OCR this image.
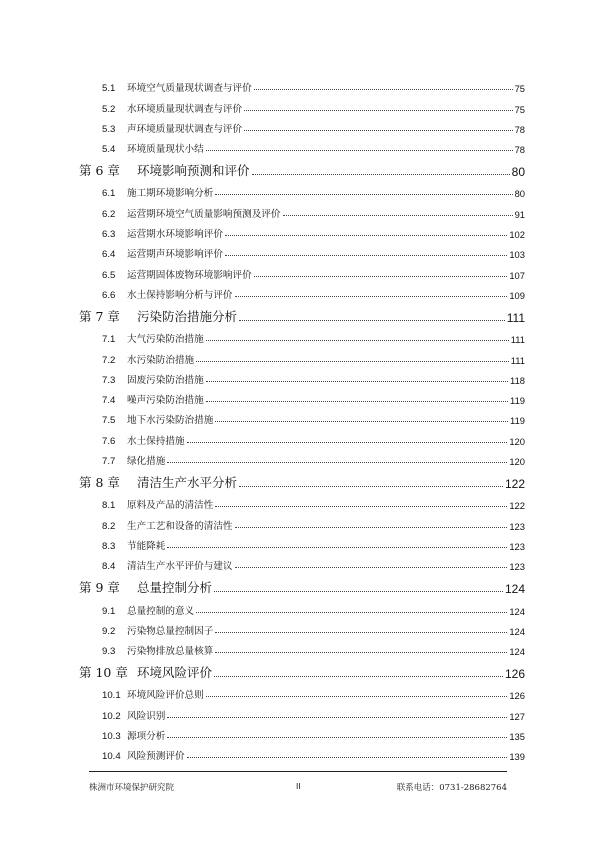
5.1	环境空气质量现状调查与评价	75
5.2	水环境质量现状调查与评价	75
5.3	声环境质量现状调查与评价	78
5.4	环境质量现状小结	78
第 6 章	环境影响预测和评价	80
6.1	施工期环境影响分析	80
6.2	运营期环境空气质量影响预测及评价	91
6.3	运营期水环境影响评价	102
6.4	运营期声环境影响评价	103
6.5	运营期固体废物环境影响评价	107
6.6	水土保持影响分析与评价	109
第 7 章	污染防治措施分析	111
7.1	大气污染防治措施	111
7.2	水污染防治措施	111
7.3	固废污染防治措施	118
7.4	噪声污染防治措施	119
7.5	地下水污染防治措施	119
7.6	水土保持措施	120
7.7	绿化措施	120
第 8 章	清洁生产水平分析	122
8.1	原料及产品的清洁性	122
8.2	生产工艺和设备的清洁性	123
8.3	节能降耗	123
8.4	清洁生产水平评价与建议	123
第 9 章	总量控制分析	124
9.1	总量控制的意义	124
9.2	污染物总量控制因子	124
9.3	污染物排放总量核算	124
第 10 章 环境风险评价	126
10.1 环境风险评价总则	126
10.2 风险识别	127
10.3 源项分析	135
10.4 风险预测评价	139
株洲市环境保护研究院	II	联系电话：0731-28682764
